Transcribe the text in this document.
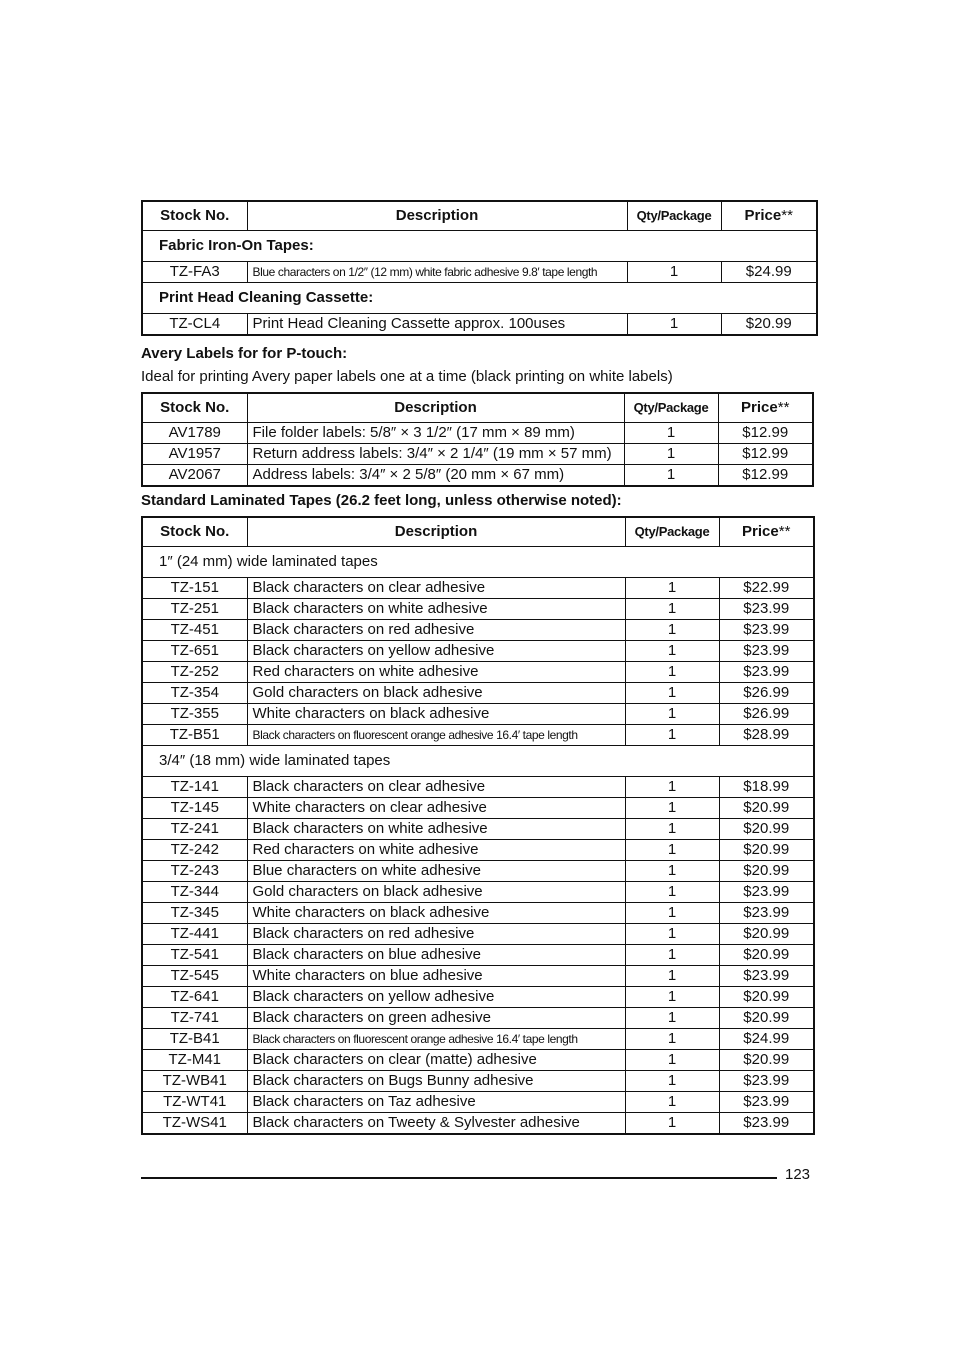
Stock No.	Description	Qty/Package	Price**
Fabric Iron-On Tapes:			
TZ-FA3	Blue characters on 1/2″ (12 mm) white fabric adhesive 9.8′ tape length	1	$24.99
Print Head Cleaning Cassette:			
TZ-CL4	Print Head Cleaning Cassette approx. 100uses	1	$20.99
Avery Labels for for P-touch:
Ideal for printing Avery paper labels one at a time (black printing on white labels)
Stock No.	Description	Qty/Package	Price**
AV1789	File folder labels: 5/8″ × 3 1/2″ (17 mm × 89 mm)	1	$12.99
AV1957	Return address labels: 3/4″ × 2 1/4″ (19 mm × 57 mm)	1	$12.99
AV2067	Address labels: 3/4″ × 2 5/8″ (20 mm × 67 mm)	1	$12.99
Standard Laminated Tapes (26.2 feet long, unless otherwise noted):
Stock No.	Description	Qty/Package	Price**
1″ (24 mm) wide laminated tapes			
TZ-151	Black characters on clear adhesive	1	$22.99
TZ-251	Black characters on white adhesive	1	$23.99
TZ-451	Black characters on red adhesive	1	$23.99
TZ-651	Black characters on yellow adhesive	1	$23.99
TZ-252	Red characters on white adhesive	1	$23.99
TZ-354	Gold characters on black adhesive	1	$26.99
TZ-355	White characters on black adhesive	1	$26.99
TZ-B51	Black characters on fluorescent orange adhesive 16.4′ tape length	1	$28.99
3/4″ (18 mm) wide laminated tapes			
TZ-141	Black characters on clear adhesive	1	$18.99
TZ-145	White characters on clear adhesive	1	$20.99
TZ-241	Black characters on white adhesive	1	$20.99
TZ-242	Red characters on white adhesive	1	$20.99
TZ-243	Blue characters on white adhesive	1	$20.99
TZ-344	Gold characters on black adhesive	1	$23.99
TZ-345	White characters on black adhesive	1	$23.99
TZ-441	Black characters on red adhesive	1	$20.99
TZ-541	Black characters on blue adhesive	1	$20.99
TZ-545	White characters on blue adhesive	1	$23.99
TZ-641	Black characters on yellow adhesive	1	$20.99
TZ-741	Black characters on green adhesive	1	$20.99
TZ-B41	Black characters on fluorescent orange adhesive 16.4′ tape length	1	$24.99
TZ-M41	Black characters on clear (matte) adhesive	1	$20.99
TZ-WB41	Black characters on Bugs Bunny adhesive	1	$23.99
TZ-WT41	Black characters on Taz adhesive	1	$23.99
TZ-WS41	Black characters on Tweety & Sylvester adhesive	1	$23.99
123
